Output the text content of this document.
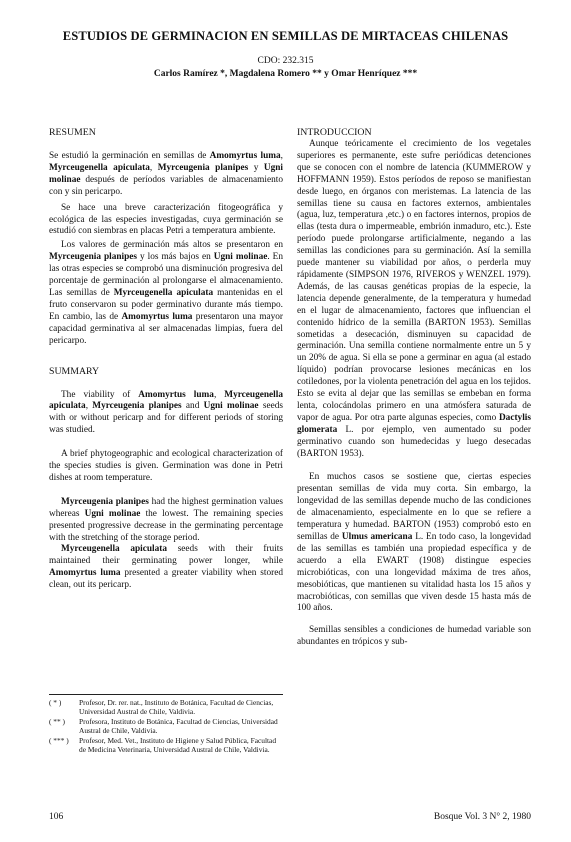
ESTUDIOS DE GERMINACION EN SEMILLAS DE MIRTACEAS CHILENAS
CDO: 232.315
Carlos Ramírez *, Magdalena Romero ** y Omar Henríquez ***

RESUMEN

Se estudió la germinación en semillas de Amomyrtus luma, Myrceugenella apiculata, Myrceugenia planipes y Ugni molinae después de períodos variables de almacenamiento con y sin pericarpo.

Se hace una breve caracterización fitogeográfica y ecológica de las especies investigadas, cuya germinación se estudió con siembras en placas Petri a temperatura ambiente.

Los valores de germinación más altos se presentaron en Myrceugenia planipes y los más bajos en Ugni molinae. En las otras especies se comprobó una disminución progresiva del porcentaje de germinación al prolongarse el almacenamiento. Las semillas de Myrceugenella apiculata mantenidas en el fruto conservaron su poder germinativo durante más tiempo. En cambio, las de Amomyrtus luma presentaron una mayor capacidad germinativa al ser almacenadas limpias, fuera del pericarpo.

SUMMARY

The viability of Amomyrtus luma, Myrceugenella apiculata, Myrceugenia planipes and Ugni molinae seeds with or without pericarp and for different periods of storing was studied.

A brief phytogeographic and ecological characterization of the species studies is given. Germination was done in Petri dishes at room temperature.

Myrceugenia planipes had the highest germination values whereas Ugni molinae the lowest. The remaining species presented progressive decrease in the germinating percentage with the stretching of the storage period.

Myrceugenella apiculata seeds with their fruits maintained their germinating power longer, while Amomyrtus luma presented a greater viability when stored clean, out its pericarp.

INTRODUCCION

Aunque teóricamente el crecimiento de los vegetales superiores es permanente, este sufre periódicas detenciones que se conocen con el nombre de latencia (KUMMEROW y HOFFMANN 1959). Estos períodos de reposo se manifiestan desde luego, en órganos con meristemas. La latencia de las semillas tiene su causa en factores externos, ambientales (agua, luz, temperatura ,etc.) o en factores internos, propios de ellas (testa dura o impermeable, embrión inmaduro, etc.). Este período puede prolongarse artificialmente, negando a las semillas las condiciones para su germinación. Así la semilla puede mantener su viabilidad por años, o perderla muy rápidamente (SIMPSON 1976, RIVEROS y WENZEL 1979). Además, de las causas genéticas propias de la especie, la latencia depende generalmente, de la temperatura y humedad en el lugar de almacenamiento, factores que influencian el contenido hídrico de la semilla (BARTON 1953). Semillas sometidas a desecación, disminuyen su capacidad de germinación. Una semilla contiene normalmente entre un 5 y un 20% de agua. Si ella se pone a germinar en agua (al estado líquido) podrían provocarse lesiones mecánicas en los cotiledones, por la violenta penetración del agua en los tejidos. Esto se evita al dejar que las semillas se embeban en forma lenta, colocándolas primero en una atmósfera saturada de vapor de agua. Por otra parte algunas especies, como Dactylis glomerata L. por ejemplo, ven aumentado su poder germinativo cuando son humedecidas y luego desecadas (BARTON 1953).

En muchos casos se sostiene que, ciertas especies presentan semillas de vida muy corta. Sin embargo, la longevidad de las semillas depende mucho de las condiciones de almacenamiento, especialmente en lo que se refiere a temperatura y humedad. BARTON (1953) comprobó esto en semillas de Ulmus americana L. En todo caso, la longevidad de las semillas es también una propiedad específica y de acuerdo a ella EWART (1908) distingue especies microbióticas, con una longevidad máxima de tres años, mesobióticas, que mantienen su vitalidad hasta los 15 años y macrobióticas, con semillas que viven desde 15 hasta más de 100 años.

Semillas sensibles a condiciones de humedad variable son abundantes en trópicos y sub-

( * )	Profesor, Dr. rer. nat., Instituto de Botánica, Facultad de Ciencias, Universidad Austral de Chile, Valdivia.
( ** )	Profesora, Instituto de Botánica, Facultad de Ciencias, Universidad Austral de Chile, Valdivia.
( *** )	Profesor, Med. Vet., Instituto de Higiene y Salud Pública, Facultad de Medicina Veterinaria, Universidad Austral de Chile, Valdivia.
106	Bosque Vol. 3 N° 2, 1980
